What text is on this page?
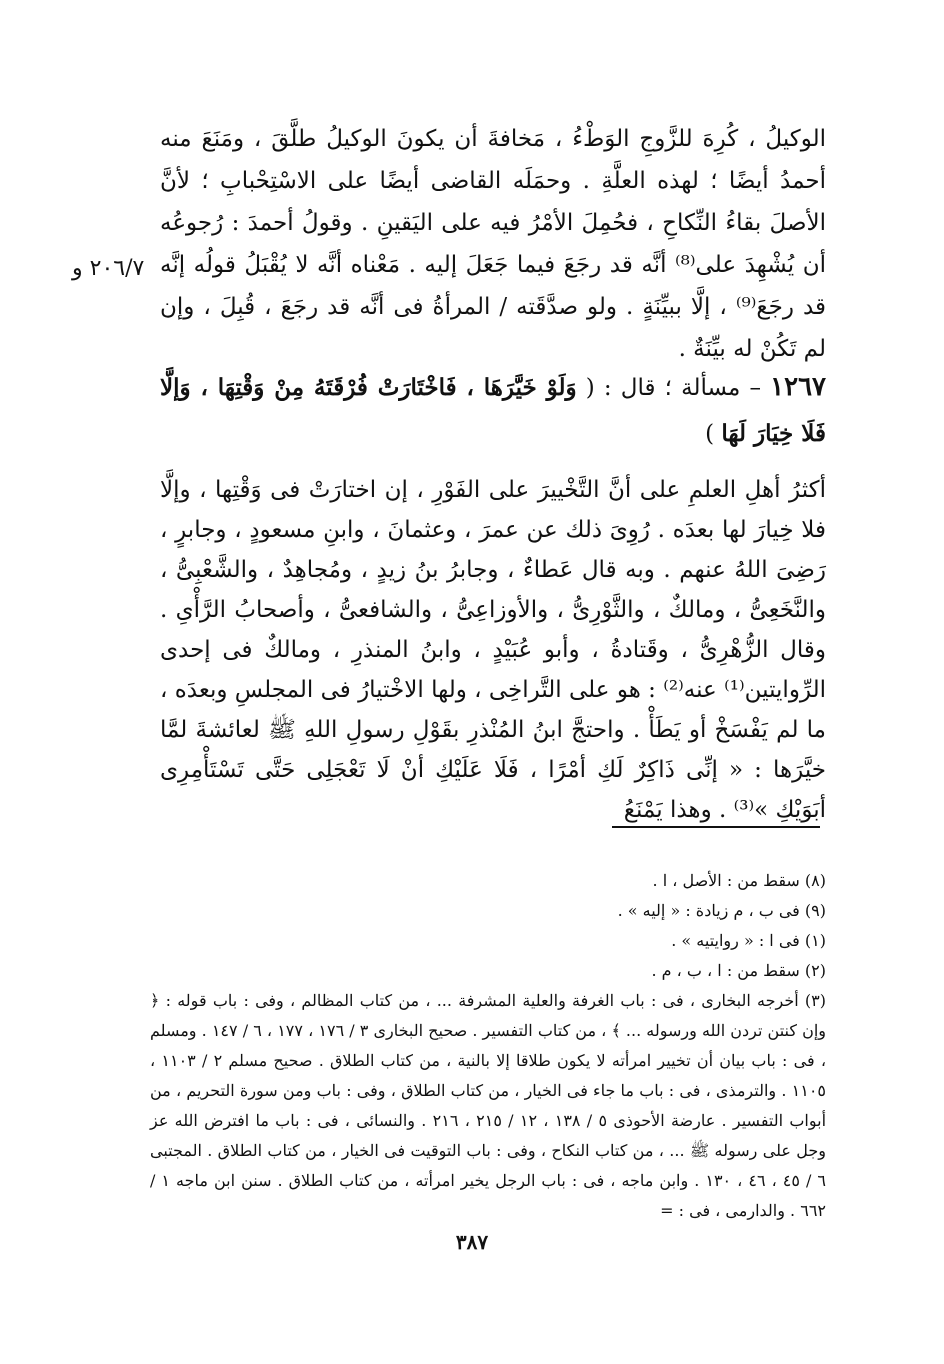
٢٠٦/٧ و

الوكيلُ ، كُرِهَ للزَّوجِ الوَطْءُ ، مَخافةَ أن يكونَ الوكيلُ طلَّقَ ، ومَنَعَ منه أحمدُ أيضًا ؛ لهذه العلَّةِ . وحمَلَه القاضى أيضًا على الاسْتِحْبابِ ؛ لأنَّ الأصلَ بقاءُ النِّكاحِ ، فحُمِلَ الأمْرُ فيه على اليَقينِ . وقولُ أحمدَ : رُجوعُه أن يُشْهِدَ على⁽⁸⁾ أنَّه قد رجَعَ فيما جَعَلَ إليه . مَعْناه أنَّه لا يُقْبَلُ قولُه إنَّه قد رجَعَ⁽⁹⁾ ، إلَّا ببيِّنَةٍ . ولو صدَّقَته / المرأةُ فى أنَّه قد رجَعَ ، قُبِلَ ، وإن لم تَكُنْ له بيِّنَةٌ .

١٢٦٧ – مسألة ؛ قال : ( وَلَوْ خَيَّرَهَا ، فَاخْتَارَتْ فُرْقَتَهُ مِنْ وَقْتِهَا ، وَإلَّا فَلَا خِيَارَ لَهَا )

أكثرُ أهلِ العلمِ على أنَّ التَّخْييرَ على الفَوْرِ ، إن اختارَتْ فى وَقْتِها ، وإلَّا فلا خِيارَ لها بعدَه . رُوِىَ ذلك عن عمرَ ، وعثمانَ ، وابنِ مسعودٍ ، وجابرٍ ، رَضِىَ اللهُ عنهم . وبه قال عَطاءٌ ، وجابرُ بنُ زيدٍ ، ومُجاهِدٌ ، والشَّعْبِىُّ ، والنَّخَعِىُّ ، ومالكٌ ، والثَّوْرِىُّ ، والأوزاعِىُّ ، والشافعىُّ ، وأصحابُ الرَّأْىِ . وقال الزُّهْرِىُّ ، وقَتادةُ ، وأبو عُبَيْدٍ ، وابنُ المنذرِ ، ومالكٌ فى إحدى الرِّوايتين⁽¹⁾ عنه⁽²⁾ : هو على التَّراخِى ، ولها الاخْتيارُ فى المجلسِ وبعدَه ، ما لم يَفْسَخْ أو يَطَأْ . واحتجَّ ابنُ المُنْذرِ بقَوْلِ رسولِ اللهِ ﷺ لعائشةَ لمَّا خيَّرَها : « إنِّى ذَاكِرٌ لَكِ أمْرًا ، فَلَا عَلَيْكِ أنْ لَا تَعْجَلِى حَتَّى تَسْتَأْمِرِى أبَوَيْكِ »⁽³⁾ . وهذا يَمْنَعُ

(٨) سقط من : الأصل ، ا .
(٩) فى ب ، م زيادة : « إليه » .
(١) فى ا : « روايتيه » .
(٢) سقط من : ا ، ب ، م .
(٣) أخرجه البخارى ، فى : باب الغرفة والعلية المشرفة ... ، من كتاب المظالم ، وفى : باب قوله : ﴿ وإن كنتن تردن الله ورسوله ... ﴾ ، من كتاب التفسير . صحيح البخارى ٣ / ١٧٦ ، ١٧٧ ، ٦ / ١٤٧ . ومسلم ، فى : باب بيان أن تخيير امرأته لا يكون طلاقا إلا بالنية ، من كتاب الطلاق . صحيح مسلم ٢ / ١١٠٣ ، ١١٠٥ . والترمذى ، فى : باب ما جاء فى الخيار ، من كتاب الطلاق ، وفى : باب ومن سورة التحريم ، من أبواب التفسير . عارضة الأحوذى ٥ / ١٣٨ ، ١٢ / ٢١٥ ، ٢١٦ . والنسائى ، فى : باب ما افترض الله عز وجل على رسوله ﷺ ... ، من كتاب النكاح ، وفى : باب التوقيت فى الخيار ، من كتاب الطلاق . المجتبى ٦ / ٤٥ ، ٤٦ ، ١٣٠ . وابن ماجه ، فى : باب الرجل يخير امرأته ، من كتاب الطلاق . سنن ابن ماجه ١ / ٦٦٢ . والدارمى ، فى : =
٣٨٧
